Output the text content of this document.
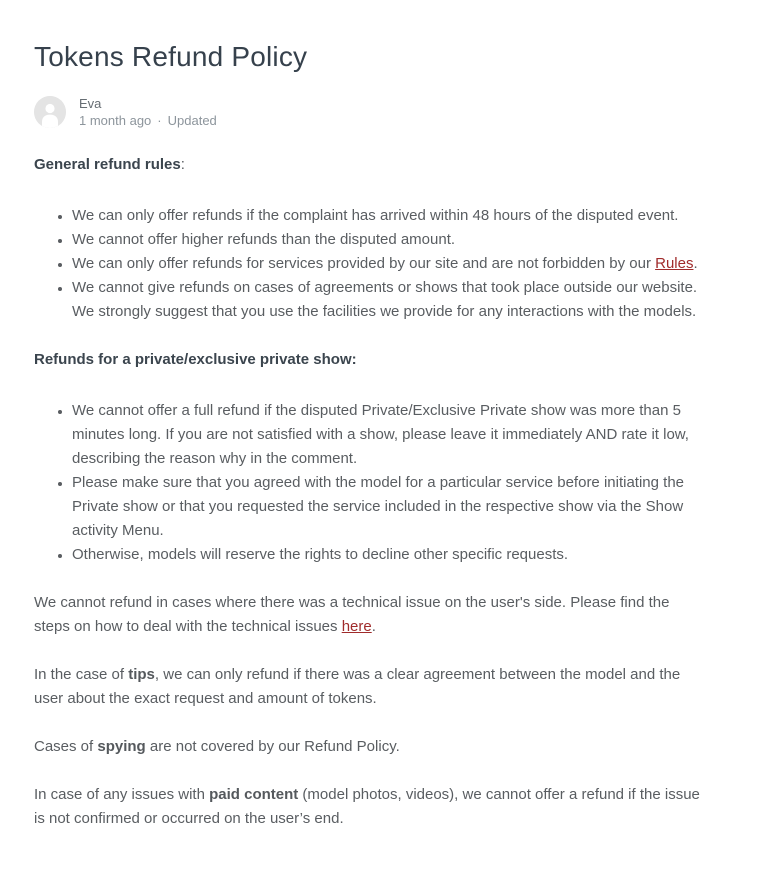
Tokens Refund Policy
Eva
1 month ago · Updated
General refund rules:
• We can only offer refunds if the complaint has arrived within 48 hours of the disputed event.
• We cannot offer higher refunds than the disputed amount.
• We can only offer refunds for services provided by our site and are not forbidden by our Rules.
• We cannot give refunds on cases of agreements or shows that took place outside our website. We strongly suggest that you use the facilities we provide for any interactions with the models.
Refunds for a private/exclusive private show:
• We cannot offer a full refund if the disputed Private/Exclusive Private show was more than 5 minutes long. If you are not satisfied with a show, please leave it immediately AND rate it low, describing the reason why in the comment.
• Please make sure that you agreed with the model for a particular service before initiating the Private show or that you requested the service included in the respective show via the Show activity Menu.
• Otherwise, models will reserve the rights to decline other specific requests.

We cannot refund in cases where there was a technical issue on the user's side. Please find the steps on how to deal with the technical issues here.

In the case of tips, we can only refund if there was a clear agreement between the model and the user about the exact request and amount of tokens.

Cases of spying are not covered by our Refund Policy.

In case of any issues with paid content (model photos, videos), we cannot offer a refund if the issue is not confirmed or occurred on the user’s end.
